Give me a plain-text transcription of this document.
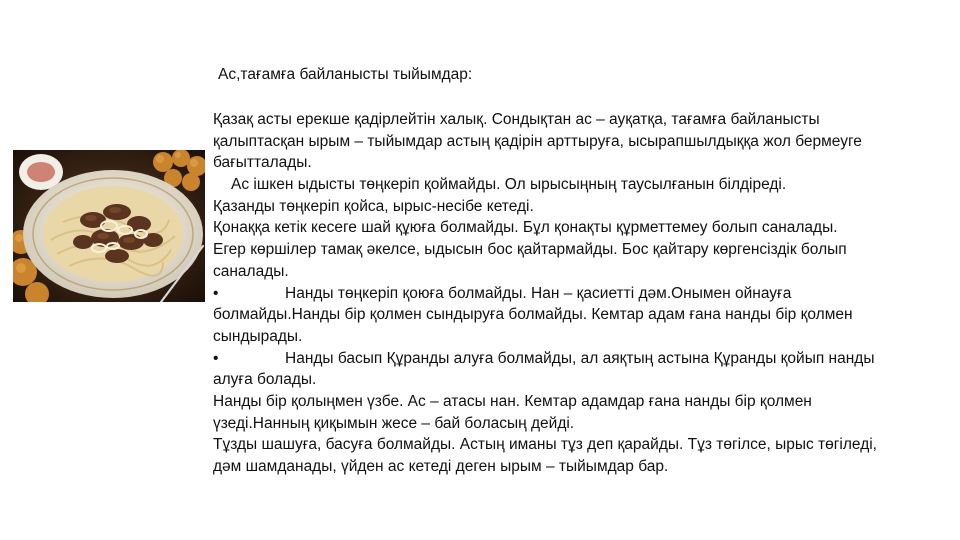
Ас,тағамға байланысты тыйымдар:
Қазақ асты ерекше қадірлейтін халық. Сондықтан ас – ауқатқа, тағамға байланысты
қалыптасқан ырым – тыйымдар астың қадірін арттыруға, ысырапшылдыққа жол бермеуге
бағытталады.
Ас ішкен ыдысты төңкеріп қоймайды. Ол ырысыңның таусылғанын білдіреді.
Қазанды төңкеріп қойса, ырыс-несібе кетеді.
Қонаққа кетік кесеге шай құюға болмайды. Бұл қонақты құрметтемеу болып саналады.
Егер көршілер тамақ әкелсе, ыдысын бос қайтармайды. Бос қайтару көргенсіздік болып
саналады.
•	Нанды төңкеріп қоюға болмайды. Нан – қасиетті дәм.Онымен ойнауға
болмайды.Нанды бір қолмен сындыруға болмайды. Кемтар адам ғана нанды бір қолмен
сындырады.
•	Нанды басып Құранды алуға болмайды, ал аяқтың астына Құранды қойып нанды
алуға болады.
Нанды бір қолыңмен үзбе. Ас – атасы нан. Кемтар адамдар ғана нанды бір қолмен
үзеді.Нанның қиқымын жесе – бай боласың дейді.
Тұзды шашуға, басуға болмайды. Астың иманы тұз деп қарайды. Тұз төгілсе, ырыс төгіледі,
дәм шамданады, үйден ас кетеді деген ырым – тыйымдар бар.
